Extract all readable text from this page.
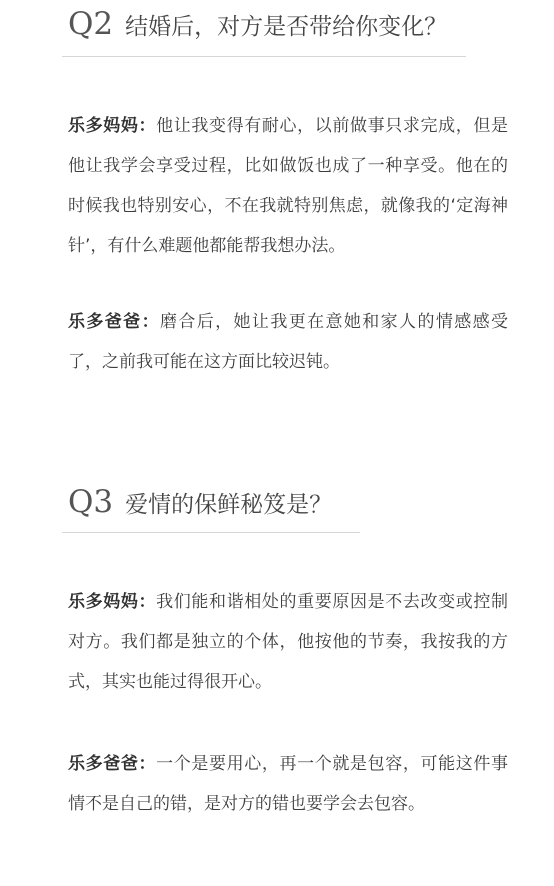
Q2 结婚后，对方是否带给你变化？
乐多妈妈：他让我变得有耐心，以前做事只求完成，但是他让我学会享受过程，比如做饭也成了一种享受。他在的时候我也特别安心，不在我就特别焦虑，就像我的‘定海神针’，有什么难题他都能帮我想办法。
乐多爸爸：磨合后，她让我更在意她和家人的情感感受了，之前我可能在这方面比较迟钝。
Q3 爱情的保鲜秘笈是？
乐多妈妈：我们能和谐相处的重要原因是不去改变或控制对方。我们都是独立的个体，他按他的节奏，我按我的方式，其实也能过得很开心。
乐多爸爸：一个是要用心，再一个就是包容，可能这件事情不是自己的错，是对方的错也要学会去包容。
